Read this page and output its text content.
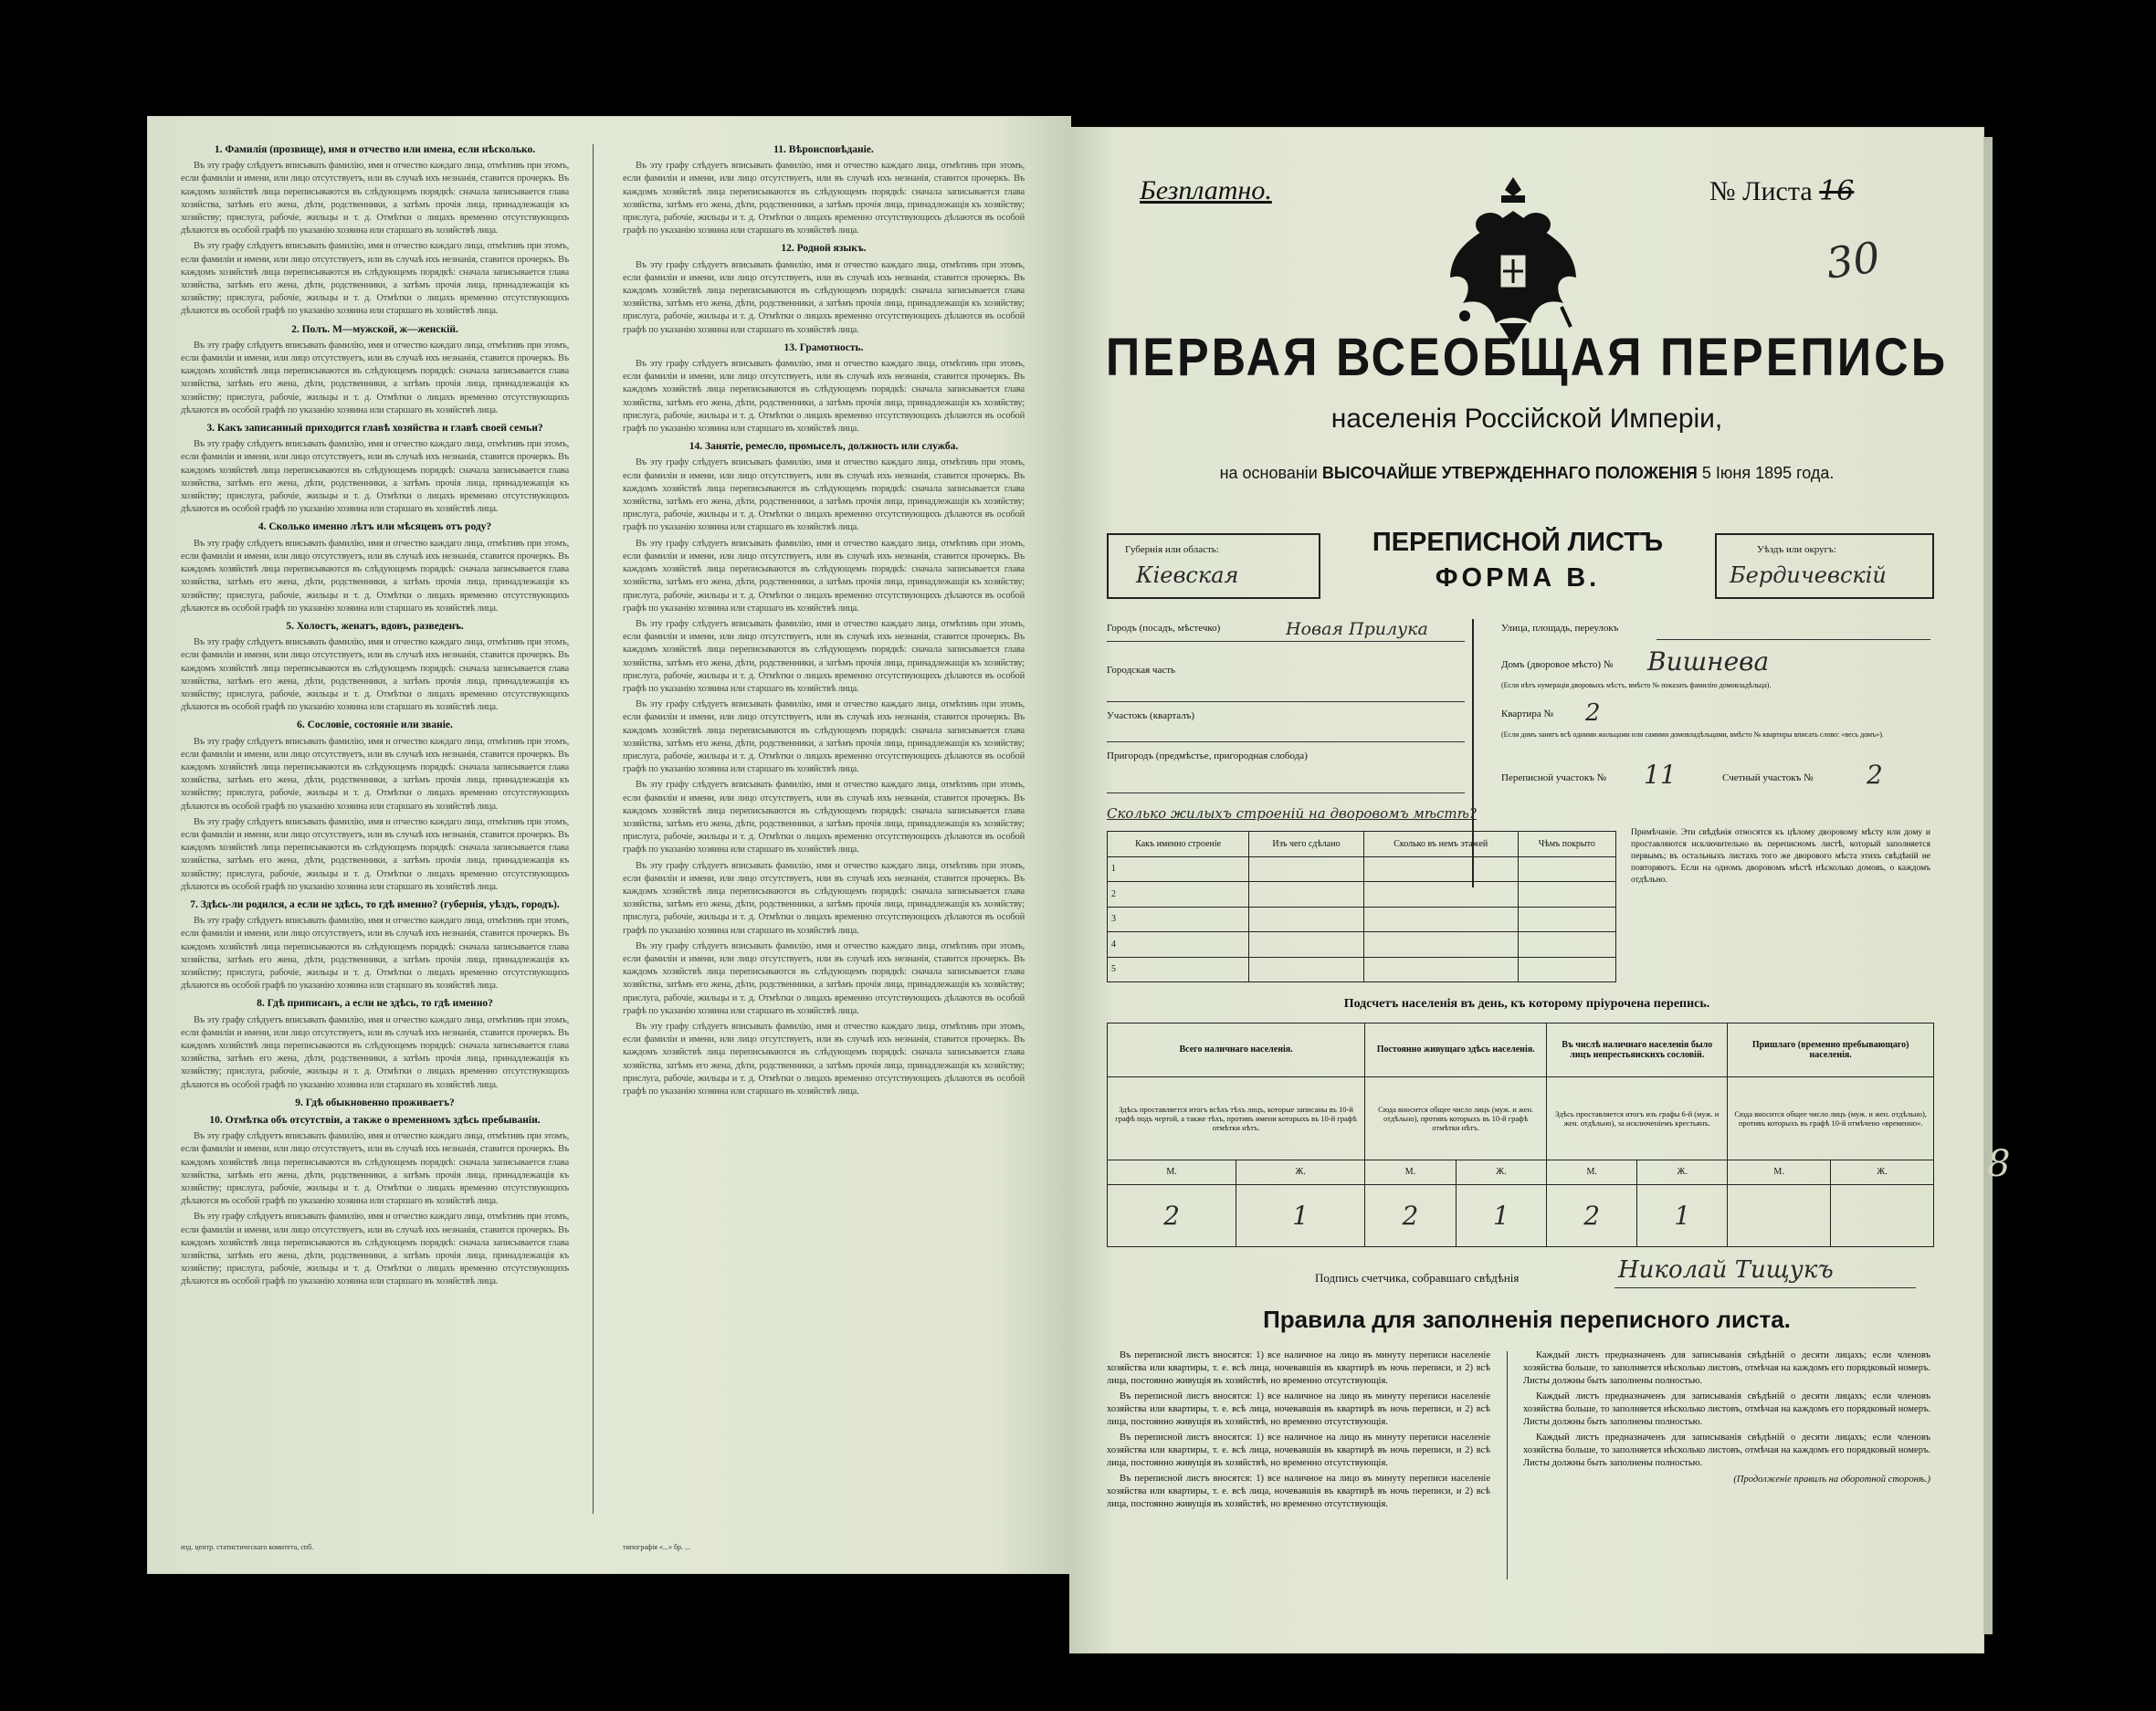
1. Фамилія (прозвище), имя и отчество или имена, если нѣсколько.

Въ эту графу слѣдуетъ вписывать фамилію, имя и отчество каждаго лица, отмѣтивъ при этомъ, если фамиліи и имени, или лицо отсутствуетъ, или въ случаѣ ихъ незнанія, ставится прочеркъ. Въ каждомъ хозяйствѣ лица переписываются въ слѣдующемъ порядкѣ: сначала записывается глава хозяйства, затѣмъ его жена, дѣти, родственники, а затѣмъ прочія лица, принадлежащія къ хозяйству; прислуга, рабочіе, жильцы и т. д. Отмѣтки о лицахъ временно отсутствующихъ дѣлаются въ особой графѣ по указанію хозяина или старшаго въ хозяйствѣ лица.

Въ эту графу слѣдуетъ вписывать фамилію, имя и отчество каждаго лица, отмѣтивъ при этомъ, если фамиліи и имени, или лицо отсутствуетъ, или въ случаѣ ихъ незнанія, ставится прочеркъ. Въ каждомъ хозяйствѣ лица переписываются въ слѣдующемъ порядкѣ: сначала записывается глава хозяйства, затѣмъ его жена, дѣти, родственники, а затѣмъ прочія лица, принадлежащія къ хозяйству; прислуга, рабочіе, жильцы и т. д. Отмѣтки о лицахъ временно отсутствующихъ дѣлаются въ особой графѣ по указанію хозяина или старшаго въ хозяйствѣ лица.

2. Полъ. М—мужской, ж—женскій.

Въ эту графу слѣдуетъ вписывать фамилію, имя и отчество каждаго лица, отмѣтивъ при этомъ, если фамиліи и имени, или лицо отсутствуетъ, или въ случаѣ ихъ незнанія, ставится прочеркъ. Въ каждомъ хозяйствѣ лица переписываются въ слѣдующемъ порядкѣ: сначала записывается глава хозяйства, затѣмъ его жена, дѣти, родственники, а затѣмъ прочія лица, принадлежащія къ хозяйству; прислуга, рабочіе, жильцы и т. д. Отмѣтки о лицахъ временно отсутствующихъ дѣлаются въ особой графѣ по указанію хозяина или старшаго въ хозяйствѣ лица.

3. Какъ записанный приходится главѣ хозяйства и главѣ своей семьи?

Въ эту графу слѣдуетъ вписывать фамилію, имя и отчество каждаго лица, отмѣтивъ при этомъ, если фамиліи и имени, или лицо отсутствуетъ, или въ случаѣ ихъ незнанія, ставится прочеркъ. Въ каждомъ хозяйствѣ лица переписываются въ слѣдующемъ порядкѣ: сначала записывается глава хозяйства, затѣмъ его жена, дѣти, родственники, а затѣмъ прочія лица, принадлежащія къ хозяйству; прислуга, рабочіе, жильцы и т. д. Отмѣтки о лицахъ временно отсутствующихъ дѣлаются въ особой графѣ по указанію хозяина или старшаго въ хозяйствѣ лица.

4. Сколько именно лѣтъ или мѣсяцевъ отъ роду?

Въ эту графу слѣдуетъ вписывать фамилію, имя и отчество каждаго лица, отмѣтивъ при этомъ, если фамиліи и имени, или лицо отсутствуетъ, или въ случаѣ ихъ незнанія, ставится прочеркъ. Въ каждомъ хозяйствѣ лица переписываются въ слѣдующемъ порядкѣ: сначала записывается глава хозяйства, затѣмъ его жена, дѣти, родственники, а затѣмъ прочія лица, принадлежащія къ хозяйству; прислуга, рабочіе, жильцы и т. д. Отмѣтки о лицахъ временно отсутствующихъ дѣлаются въ особой графѣ по указанію хозяина или старшаго въ хозяйствѣ лица.

5. Холостъ, женатъ, вдовъ, разведенъ.

Въ эту графу слѣдуетъ вписывать фамилію, имя и отчество каждаго лица, отмѣтивъ при этомъ, если фамиліи и имени, или лицо отсутствуетъ, или въ случаѣ ихъ незнанія, ставится прочеркъ. Въ каждомъ хозяйствѣ лица переписываются въ слѣдующемъ порядкѣ: сначала записывается глава хозяйства, затѣмъ его жена, дѣти, родственники, а затѣмъ прочія лица, принадлежащія къ хозяйству; прислуга, рабочіе, жильцы и т. д. Отмѣтки о лицахъ временно отсутствующихъ дѣлаются въ особой графѣ по указанію хозяина или старшаго въ хозяйствѣ лица.

6. Сословіе, состояніе или званіе.

Въ эту графу слѣдуетъ вписывать фамилію, имя и отчество каждаго лица, отмѣтивъ при этомъ, если фамиліи и имени, или лицо отсутствуетъ, или въ случаѣ ихъ незнанія, ставится прочеркъ. Въ каждомъ хозяйствѣ лица переписываются въ слѣдующемъ порядкѣ: сначала записывается глава хозяйства, затѣмъ его жена, дѣти, родственники, а затѣмъ прочія лица, принадлежащія къ хозяйству; прислуга, рабочіе, жильцы и т. д. Отмѣтки о лицахъ временно отсутствующихъ дѣлаются въ особой графѣ по указанію хозяина или старшаго въ хозяйствѣ лица.

Въ эту графу слѣдуетъ вписывать фамилію, имя и отчество каждаго лица, отмѣтивъ при этомъ, если фамиліи и имени, или лицо отсутствуетъ, или въ случаѣ ихъ незнанія, ставится прочеркъ. Въ каждомъ хозяйствѣ лица переписываются въ слѣдующемъ порядкѣ: сначала записывается глава хозяйства, затѣмъ его жена, дѣти, родственники, а затѣмъ прочія лица, принадлежащія къ хозяйству; прислуга, рабочіе, жильцы и т. д. Отмѣтки о лицахъ временно отсутствующихъ дѣлаются въ особой графѣ по указанію хозяина или старшаго въ хозяйствѣ лица.

7. Здѣсь-ли родился, а если не здѣсь, то гдѣ именно? (губернія, уѣздъ, городъ).

Въ эту графу слѣдуетъ вписывать фамилію, имя и отчество каждаго лица, отмѣтивъ при этомъ, если фамиліи и имени, или лицо отсутствуетъ, или въ случаѣ ихъ незнанія, ставится прочеркъ. Въ каждомъ хозяйствѣ лица переписываются въ слѣдующемъ порядкѣ: сначала записывается глава хозяйства, затѣмъ его жена, дѣти, родственники, а затѣмъ прочія лица, принадлежащія къ хозяйству; прислуга, рабочіе, жильцы и т. д. Отмѣтки о лицахъ временно отсутствующихъ дѣлаются въ особой графѣ по указанію хозяина или старшаго въ хозяйствѣ лица.

8. Гдѣ приписанъ, а если не здѣсь, то гдѣ именно?

Въ эту графу слѣдуетъ вписывать фамилію, имя и отчество каждаго лица, отмѣтивъ при этомъ, если фамиліи и имени, или лицо отсутствуетъ, или въ случаѣ ихъ незнанія, ставится прочеркъ. Въ каждомъ хозяйствѣ лица переписываются въ слѣдующемъ порядкѣ: сначала записывается глава хозяйства, затѣмъ его жена, дѣти, родственники, а затѣмъ прочія лица, принадлежащія къ хозяйству; прислуга, рабочіе, жильцы и т. д. Отмѣтки о лицахъ временно отсутствующихъ дѣлаются въ особой графѣ по указанію хозяина или старшаго въ хозяйствѣ лица.

9. Гдѣ обыкновенно проживаетъ?
10. Отмѣтка объ отсутствіи, а также о временномъ здѣсь пребываніи.

Въ эту графу слѣдуетъ вписывать фамилію, имя и отчество каждаго лица, отмѣтивъ при этомъ, если фамиліи и имени, или лицо отсутствуетъ, или въ случаѣ ихъ незнанія, ставится прочеркъ. Въ каждомъ хозяйствѣ лица переписываются въ слѣдующемъ порядкѣ: сначала записывается глава хозяйства, затѣмъ его жена, дѣти, родственники, а затѣмъ прочія лица, принадлежащія къ хозяйству; прислуга, рабочіе, жильцы и т. д. Отмѣтки о лицахъ временно отсутствующихъ дѣлаются въ особой графѣ по указанію хозяина или старшаго въ хозяйствѣ лица.

Въ эту графу слѣдуетъ вписывать фамилію, имя и отчество каждаго лица, отмѣтивъ при этомъ, если фамиліи и имени, или лицо отсутствуетъ, или въ случаѣ ихъ незнанія, ставится прочеркъ. Въ каждомъ хозяйствѣ лица переписываются въ слѣдующемъ порядкѣ: сначала записывается глава хозяйства, затѣмъ его жена, дѣти, родственники, а затѣмъ прочія лица, принадлежащія къ хозяйству; прислуга, рабочіе, жильцы и т. д. Отмѣтки о лицахъ временно отсутствующихъ дѣлаются въ особой графѣ по указанію хозяина или старшаго въ хозяйствѣ лица.

11. Вѣроисповѣданіе.

Въ эту графу слѣдуетъ вписывать фамилію, имя и отчество каждаго лица, отмѣтивъ при этомъ, если фамиліи и имени, или лицо отсутствуетъ, или въ случаѣ ихъ незнанія, ставится прочеркъ. Въ каждомъ хозяйствѣ лица переписываются въ слѣдующемъ порядкѣ: сначала записывается глава хозяйства, затѣмъ его жена, дѣти, родственники, а затѣмъ прочія лица, принадлежащія къ хозяйству; прислуга, рабочіе, жильцы и т. д. Отмѣтки о лицахъ временно отсутствующихъ дѣлаются въ особой графѣ по указанію хозяина или старшаго въ хозяйствѣ лица.

12. Родной языкъ.

Въ эту графу слѣдуетъ вписывать фамилію, имя и отчество каждаго лица, отмѣтивъ при этомъ, если фамиліи и имени, или лицо отсутствуетъ, или въ случаѣ ихъ незнанія, ставится прочеркъ. Въ каждомъ хозяйствѣ лица переписываются въ слѣдующемъ порядкѣ: сначала записывается глава хозяйства, затѣмъ его жена, дѣти, родственники, а затѣмъ прочія лица, принадлежащія къ хозяйству; прислуга, рабочіе, жильцы и т. д. Отмѣтки о лицахъ временно отсутствующихъ дѣлаются въ особой графѣ по указанію хозяина или старшаго въ хозяйствѣ лица.

13. Грамотность.

Въ эту графу слѣдуетъ вписывать фамилію, имя и отчество каждаго лица, отмѣтивъ при этомъ, если фамиліи и имени, или лицо отсутствуетъ, или въ случаѣ ихъ незнанія, ставится прочеркъ. Въ каждомъ хозяйствѣ лица переписываются въ слѣдующемъ порядкѣ: сначала записывается глава хозяйства, затѣмъ его жена, дѣти, родственники, а затѣмъ прочія лица, принадлежащія къ хозяйству; прислуга, рабочіе, жильцы и т. д. Отмѣтки о лицахъ временно отсутствующихъ дѣлаются въ особой графѣ по указанію хозяина или старшаго въ хозяйствѣ лица.

14. Занятіе, ремесло, промыселъ, должность или служба.

Въ эту графу слѣдуетъ вписывать фамилію, имя и отчество каждаго лица, отмѣтивъ при этомъ, если фамиліи и имени, или лицо отсутствуетъ, или въ случаѣ ихъ незнанія, ставится прочеркъ. Въ каждомъ хозяйствѣ лица переписываются въ слѣдующемъ порядкѣ: сначала записывается глава хозяйства, затѣмъ его жена, дѣти, родственники, а затѣмъ прочія лица, принадлежащія къ хозяйству; прислуга, рабочіе, жильцы и т. д. Отмѣтки о лицахъ временно отсутствующихъ дѣлаются въ особой графѣ по указанію хозяина или старшаго въ хозяйствѣ лица.

Въ эту графу слѣдуетъ вписывать фамилію, имя и отчество каждаго лица, отмѣтивъ при этомъ, если фамиліи и имени, или лицо отсутствуетъ, или въ случаѣ ихъ незнанія, ставится прочеркъ. Въ каждомъ хозяйствѣ лица переписываются въ слѣдующемъ порядкѣ: сначала записывается глава хозяйства, затѣмъ его жена, дѣти, родственники, а затѣмъ прочія лица, принадлежащія къ хозяйству; прислуга, рабочіе, жильцы и т. д. Отмѣтки о лицахъ временно отсутствующихъ дѣлаются въ особой графѣ по указанію хозяина или старшаго въ хозяйствѣ лица.

Въ эту графу слѣдуетъ вписывать фамилію, имя и отчество каждаго лица, отмѣтивъ при этомъ, если фамиліи и имени, или лицо отсутствуетъ, или въ случаѣ ихъ незнанія, ставится прочеркъ. Въ каждомъ хозяйствѣ лица переписываются въ слѣдующемъ порядкѣ: сначала записывается глава хозяйства, затѣмъ его жена, дѣти, родственники, а затѣмъ прочія лица, принадлежащія къ хозяйству; прислуга, рабочіе, жильцы и т. д. Отмѣтки о лицахъ временно отсутствующихъ дѣлаются въ особой графѣ по указанію хозяина или старшаго въ хозяйствѣ лица.

Въ эту графу слѣдуетъ вписывать фамилію, имя и отчество каждаго лица, отмѣтивъ при этомъ, если фамиліи и имени, или лицо отсутствуетъ, или въ случаѣ ихъ незнанія, ставится прочеркъ. Въ каждомъ хозяйствѣ лица переписываются въ слѣдующемъ порядкѣ: сначала записывается глава хозяйства, затѣмъ его жена, дѣти, родственники, а затѣмъ прочія лица, принадлежащія къ хозяйству; прислуга, рабочіе, жильцы и т. д. Отмѣтки о лицахъ временно отсутствующихъ дѣлаются въ особой графѣ по указанію хозяина или старшаго въ хозяйствѣ лица.

Въ эту графу слѣдуетъ вписывать фамилію, имя и отчество каждаго лица, отмѣтивъ при этомъ, если фамиліи и имени, или лицо отсутствуетъ, или въ случаѣ ихъ незнанія, ставится прочеркъ. Въ каждомъ хозяйствѣ лица переписываются въ слѣдующемъ порядкѣ: сначала записывается глава хозяйства, затѣмъ его жена, дѣти, родственники, а затѣмъ прочія лица, принадлежащія къ хозяйству; прислуга, рабочіе, жильцы и т. д. Отмѣтки о лицахъ временно отсутствующихъ дѣлаются въ особой графѣ по указанію хозяина или старшаго въ хозяйствѣ лица.

Въ эту графу слѣдуетъ вписывать фамилію, имя и отчество каждаго лица, отмѣтивъ при этомъ, если фамиліи и имени, или лицо отсутствуетъ, или въ случаѣ ихъ незнанія, ставится прочеркъ. Въ каждомъ хозяйствѣ лица переписываются въ слѣдующемъ порядкѣ: сначала записывается глава хозяйства, затѣмъ его жена, дѣти, родственники, а затѣмъ прочія лица, принадлежащія къ хозяйству; прислуга, рабочіе, жильцы и т. д. Отмѣтки о лицахъ временно отсутствующихъ дѣлаются въ особой графѣ по указанію хозяина или старшаго въ хозяйствѣ лица.

Въ эту графу слѣдуетъ вписывать фамилію, имя и отчество каждаго лица, отмѣтивъ при этомъ, если фамиліи и имени, или лицо отсутствуетъ, или въ случаѣ ихъ незнанія, ставится прочеркъ. Въ каждомъ хозяйствѣ лица переписываются въ слѣдующемъ порядкѣ: сначала записывается глава хозяйства, затѣмъ его жена, дѣти, родственники, а затѣмъ прочія лица, принадлежащія къ хозяйству; прислуга, рабочіе, жильцы и т. д. Отмѣтки о лицахъ временно отсутствующихъ дѣлаются въ особой графѣ по указанію хозяина или старшаго въ хозяйствѣ лица.

Въ эту графу слѣдуетъ вписывать фамилію, имя и отчество каждаго лица, отмѣтивъ при этомъ, если фамиліи и имени, или лицо отсутствуетъ, или въ случаѣ ихъ незнанія, ставится прочеркъ. Въ каждомъ хозяйствѣ лица переписываются въ слѣдующемъ порядкѣ: сначала записывается глава хозяйства, затѣмъ его жена, дѣти, родственники, а затѣмъ прочія лица, принадлежащія къ хозяйству; прислуга, рабочіе, жильцы и т. д. Отмѣтки о лицахъ временно отсутствующихъ дѣлаются въ особой графѣ по указанію хозяина или старшаго въ хозяйствѣ лица.

изд. центр. статистическаго комитета, спб.	типографія «...» бр. ...
Безплатно.	№ Листа 16
30
ПЕРВАЯ ВСЕОБЩАЯ ПЕРЕПИСЬ
населенія Россійской Имперіи,
на основаніи ВЫСОЧАЙШЕ УТВЕРЖДЕННАГО ПОЛОЖЕНІЯ 5 Іюня 1895 года.
Губернія или область:
Кіевская
ПЕРЕПИСНОЙ ЛИСТЪ
ФОРМА В.
Уѣздъ или округъ:
Бердичевскій
Городъ (посадъ, мѣстечко)	Новая Прилука
Городская часть
Участокъ (кварталъ)
Пригородъ (предмѣстье, пригородная слобода)
Улица, площадь, переулокъ
Домъ (дворовое мѣсто) № Вишнева
(Если нѣтъ нумерація дворовыхъ мѣстъ, вмѣсто № показать фамилію домовладѣльца).
Квартира № 2
(Если домъ занятъ всѣ одними жильцами или самими домовладѣльцами, вмѣсто № квартиры вписать слово: «весь домъ»).
Переписной участокъ № 11	Счетный участокъ № 2
Сколько жилыхъ строеній на дворовомъ мѣстѣ?
Какъ именно строеніе	Изъ чего сдѣлано	Сколько въ немъ этажей	Чѣмъ покрыто
1			
2			
3			
4			
5			
Примѣчаніе. Эти свѣдѣнія относятся къ цѣлому дворовому мѣсту или дому и проставляются исключительно въ переписномъ листѣ, который заполняется первымъ; въ остальныхъ листахъ того же дворового мѣста этихъ свѣдѣній не повторяютъ. Если на одномъ дворовомъ мѣстѣ нѣсколько домовъ, о каждомъ отдѣльно.
Подсчетъ населенія въ день, къ которому пріурочена перепись.
Всего наличнаго населенія.		Постоянно живущаго здѣсь населенія.		Въ числѣ наличнаго населенія было лицъ непрестьянскихъ сословій.		Пришлаго (временно пребывающаго) населенія.	
Здѣсь проставляется итогъ всѣхъ тѣхъ лицъ, которые записаны въ 10-й графѣ подъ чертой, а также тѣхъ, противъ имени которыхъ въ 10-й графѣ отмѣтки нѣтъ.		Сюда вносится общее число лицъ (муж. и жен. отдѣльно), противъ которыхъ въ 10-й графѣ отмѣтки нѣтъ.		Здѣсь проставляется итогъ изъ графы 6-й (муж. и жен. отдѣльно), за исключеніемъ крестьянъ.		Сюда вносится общее число лицъ (муж. и жен. отдѣльно), противъ которыхъ въ графѣ 10-й отмѣчено «временно».	
М.	Ж.	М.	Ж.	М.	Ж.	М.	Ж.
2	1	2	1	2	1		
Подпись счетчика, собравшаго свѣдѣнія	Николай Тищукъ
Правила для заполненія переписного листа.

Въ переписной листъ вносятся: 1) все наличное на лицо въ минуту переписи населеніе хозяйства или квартиры, т. е. всѣ лица, ночевавшія въ квартирѣ въ ночь переписи, и 2) всѣ лица, постоянно живущія въ хозяйствѣ, но временно отсутствующія.

Въ переписной листъ вносятся: 1) все наличное на лицо въ минуту переписи населеніе хозяйства или квартиры, т. е. всѣ лица, ночевавшія въ квартирѣ въ ночь переписи, и 2) всѣ лица, постоянно живущія въ хозяйствѣ, но временно отсутствующія.

Въ переписной листъ вносятся: 1) все наличное на лицо въ минуту переписи населеніе хозяйства или квартиры, т. е. всѣ лица, ночевавшія въ квартирѣ въ ночь переписи, и 2) всѣ лица, постоянно живущія въ хозяйствѣ, но временно отсутствующія.

Въ переписной листъ вносятся: 1) все наличное на лицо въ минуту переписи населеніе хозяйства или квартиры, т. е. всѣ лица, ночевавшія въ квартирѣ въ ночь переписи, и 2) всѣ лица, постоянно живущія въ хозяйствѣ, но временно отсутствующія.

Каждый листъ предназначенъ для записыванія свѣдѣній о десяти лицахъ; если членовъ хозяйства больше, то заполняется нѣсколько листовъ, отмѣчая на каждомъ его порядковый номеръ. Листы должны быть заполнены полностью.

Каждый листъ предназначенъ для записыванія свѣдѣній о десяти лицахъ; если членовъ хозяйства больше, то заполняется нѣсколько листовъ, отмѣчая на каждомъ его порядковый номеръ. Листы должны быть заполнены полностью.

Каждый листъ предназначенъ для записыванія свѣдѣній о десяти лицахъ; если членовъ хозяйства больше, то заполняется нѣсколько листовъ, отмѣчая на каждомъ его порядковый номеръ. Листы должны быть заполнены полностью.

(Продолженіе правилъ на оборотной сторонѣ.)

8
